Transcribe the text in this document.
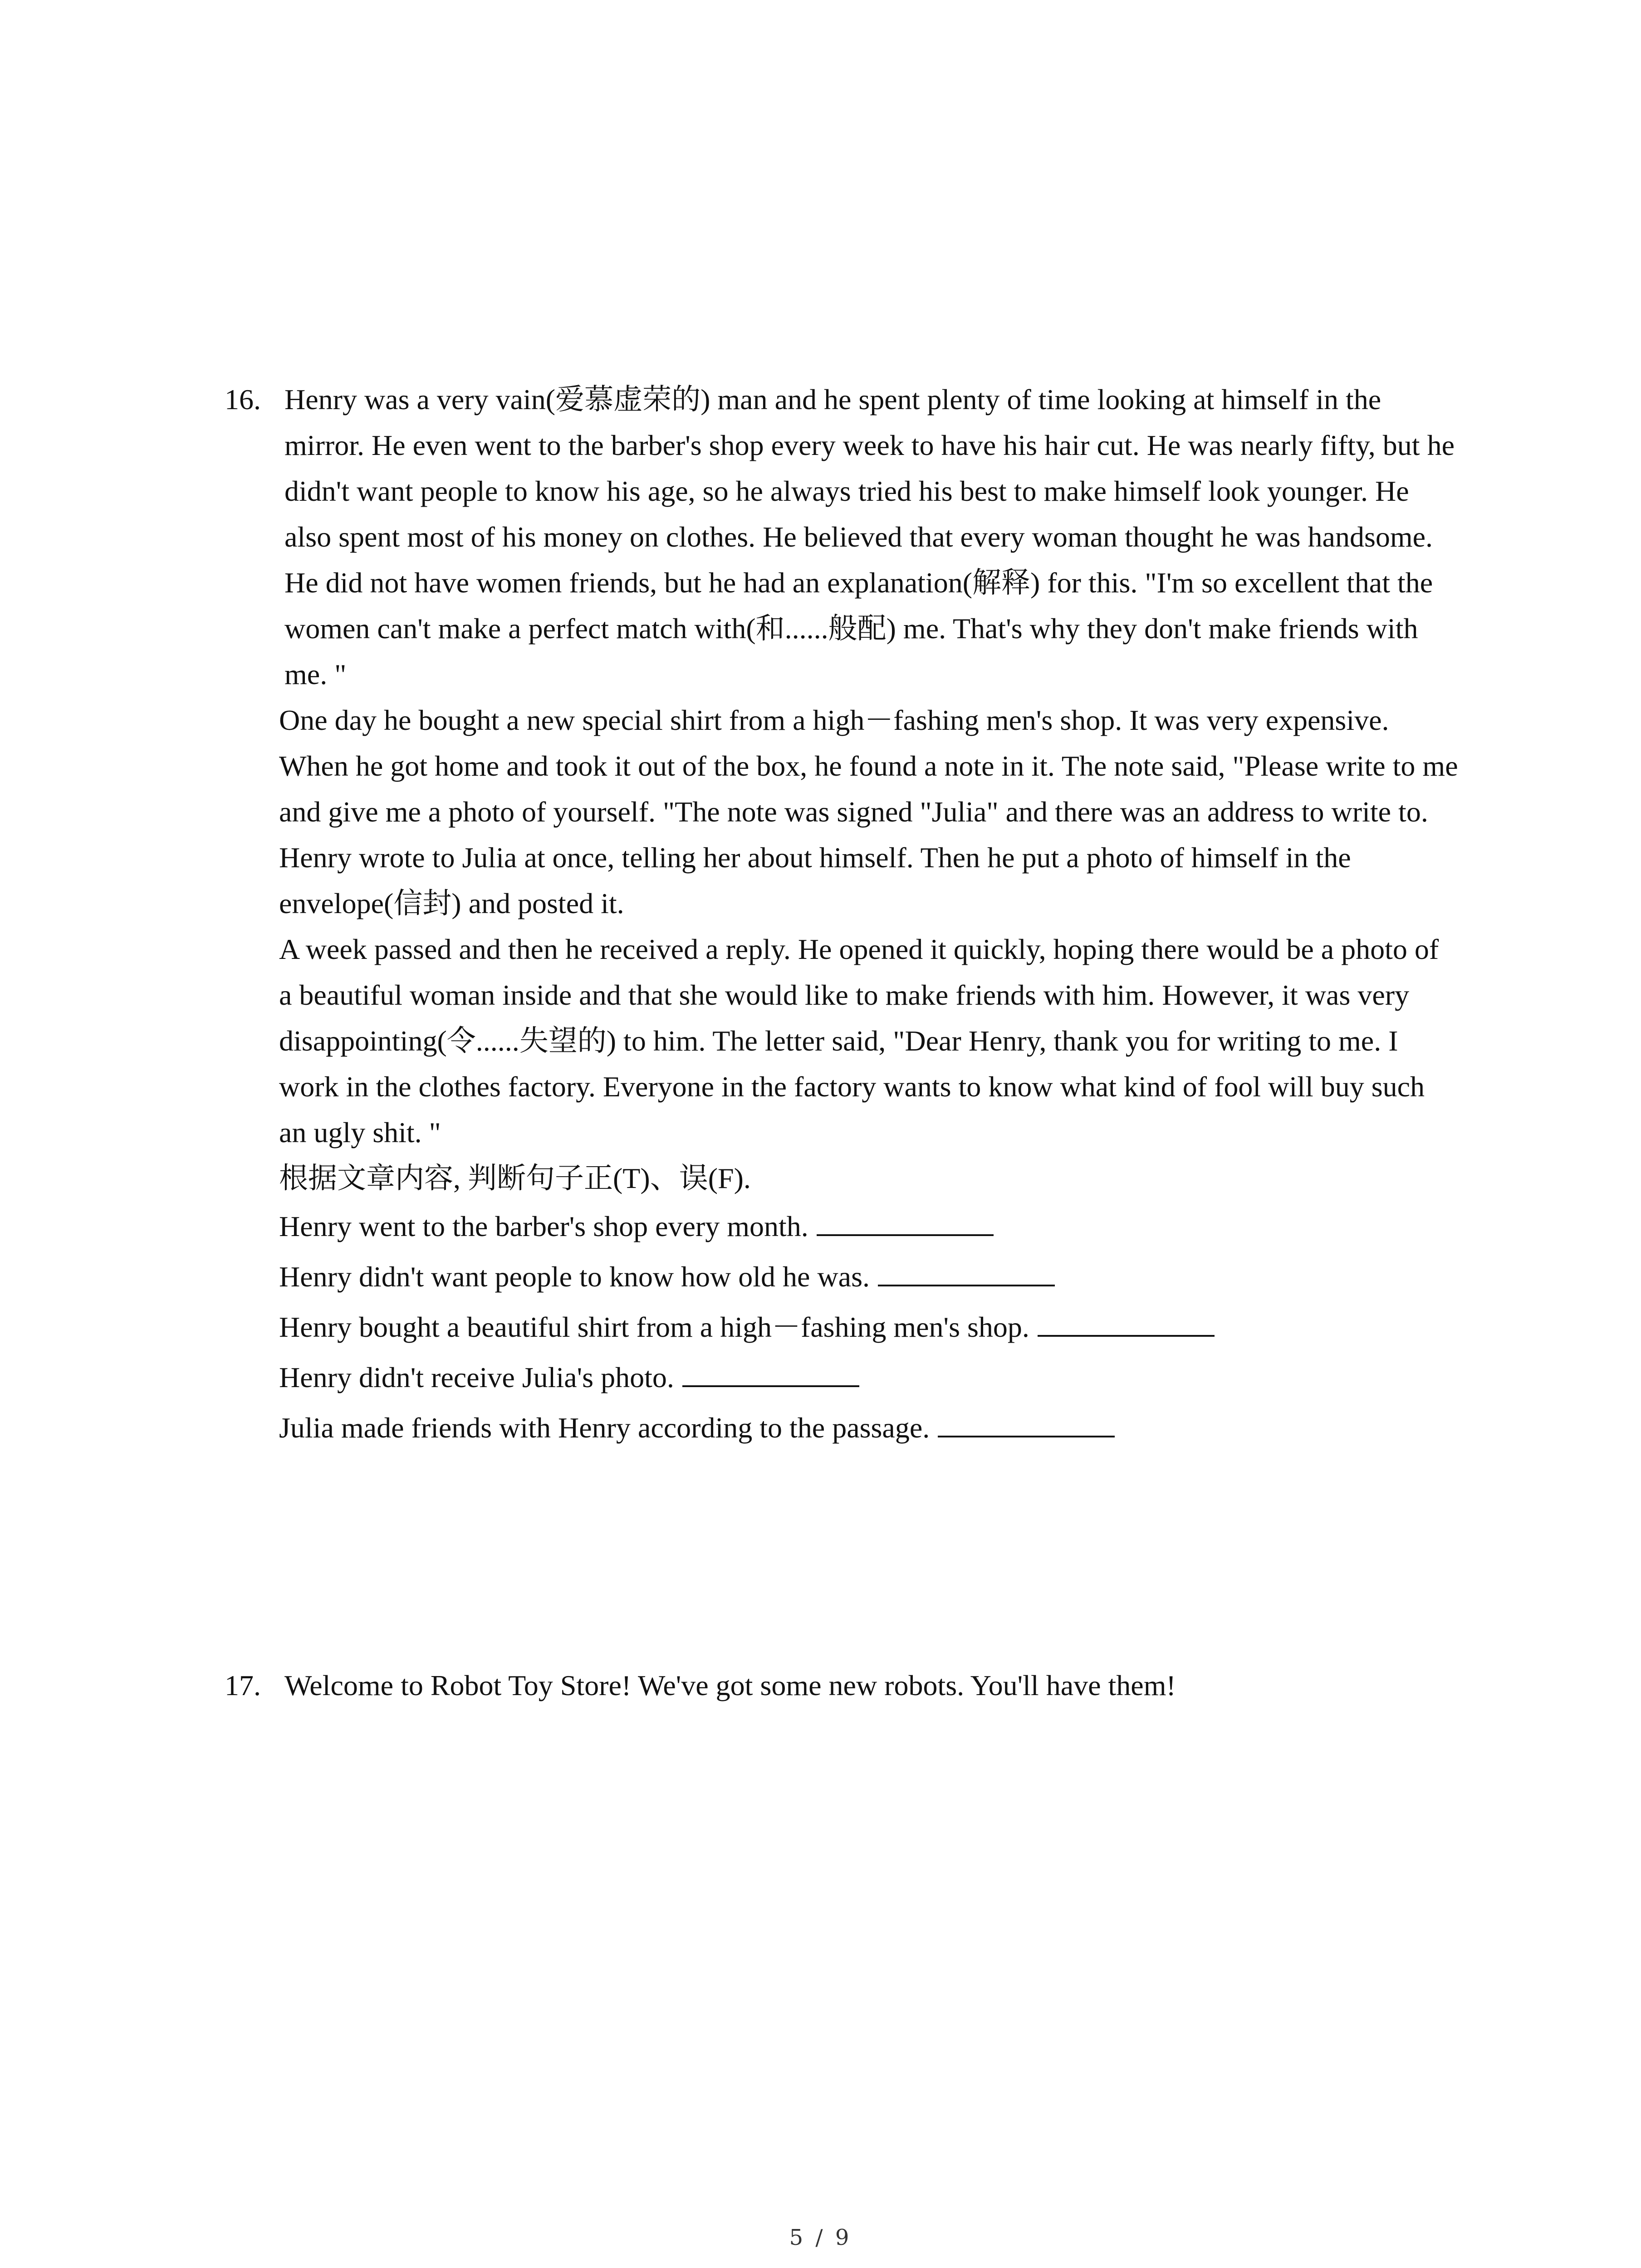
16. Henry was a very vain(爱慕虚荣的) man and he spent plenty of time looking at himself in the mirror. He even went to the barber's shop every week to have his hair cut. He was nearly fifty, but he didn't want people to know his age, so he always tried his best to make himself look younger. He also spent most of his money on clothes. He believed that every woman thought he was handsome. He did not have women friends, but he had an explanation(解释) for this. "I'm so excellent that the women can't make a perfect match with(和......般配) me. That's why they don't make friends with me. "

One day he bought a new special shirt from a high－fashing men's shop. It was very expensive. When he got home and took it out of the box, he found a note in it. The note said, "Please write to me and give me a photo of yourself. "The note was signed "Julia" and there was an address to write to. Henry wrote to Julia at once, telling her about himself. Then he put a photo of himself in the envelope(信封) and posted it.

A week passed and then he received a reply. He opened it quickly, hoping there would be a photo of a beautiful woman inside and that she would like to make friends with him. However, it was very disappointing(令......失望的) to him. The letter said, "Dear Henry, thank you for writing to me. I work in the clothes factory. Everyone in the factory wants to know what kind of fool will buy such an ugly shit. "

根据文章内容, 判断句子正(T)、误(F).

Henry went to the barber's shop every month.
Henry didn't want people to know how old he was.
Henry bought a beautiful shirt from a high－fashing men's shop.
Henry didn't receive Julia's photo.
Julia made friends with Henry according to the passage.
17. Welcome to Robot Toy Store! We've got some new robots. You'll have them!

5 / 9
